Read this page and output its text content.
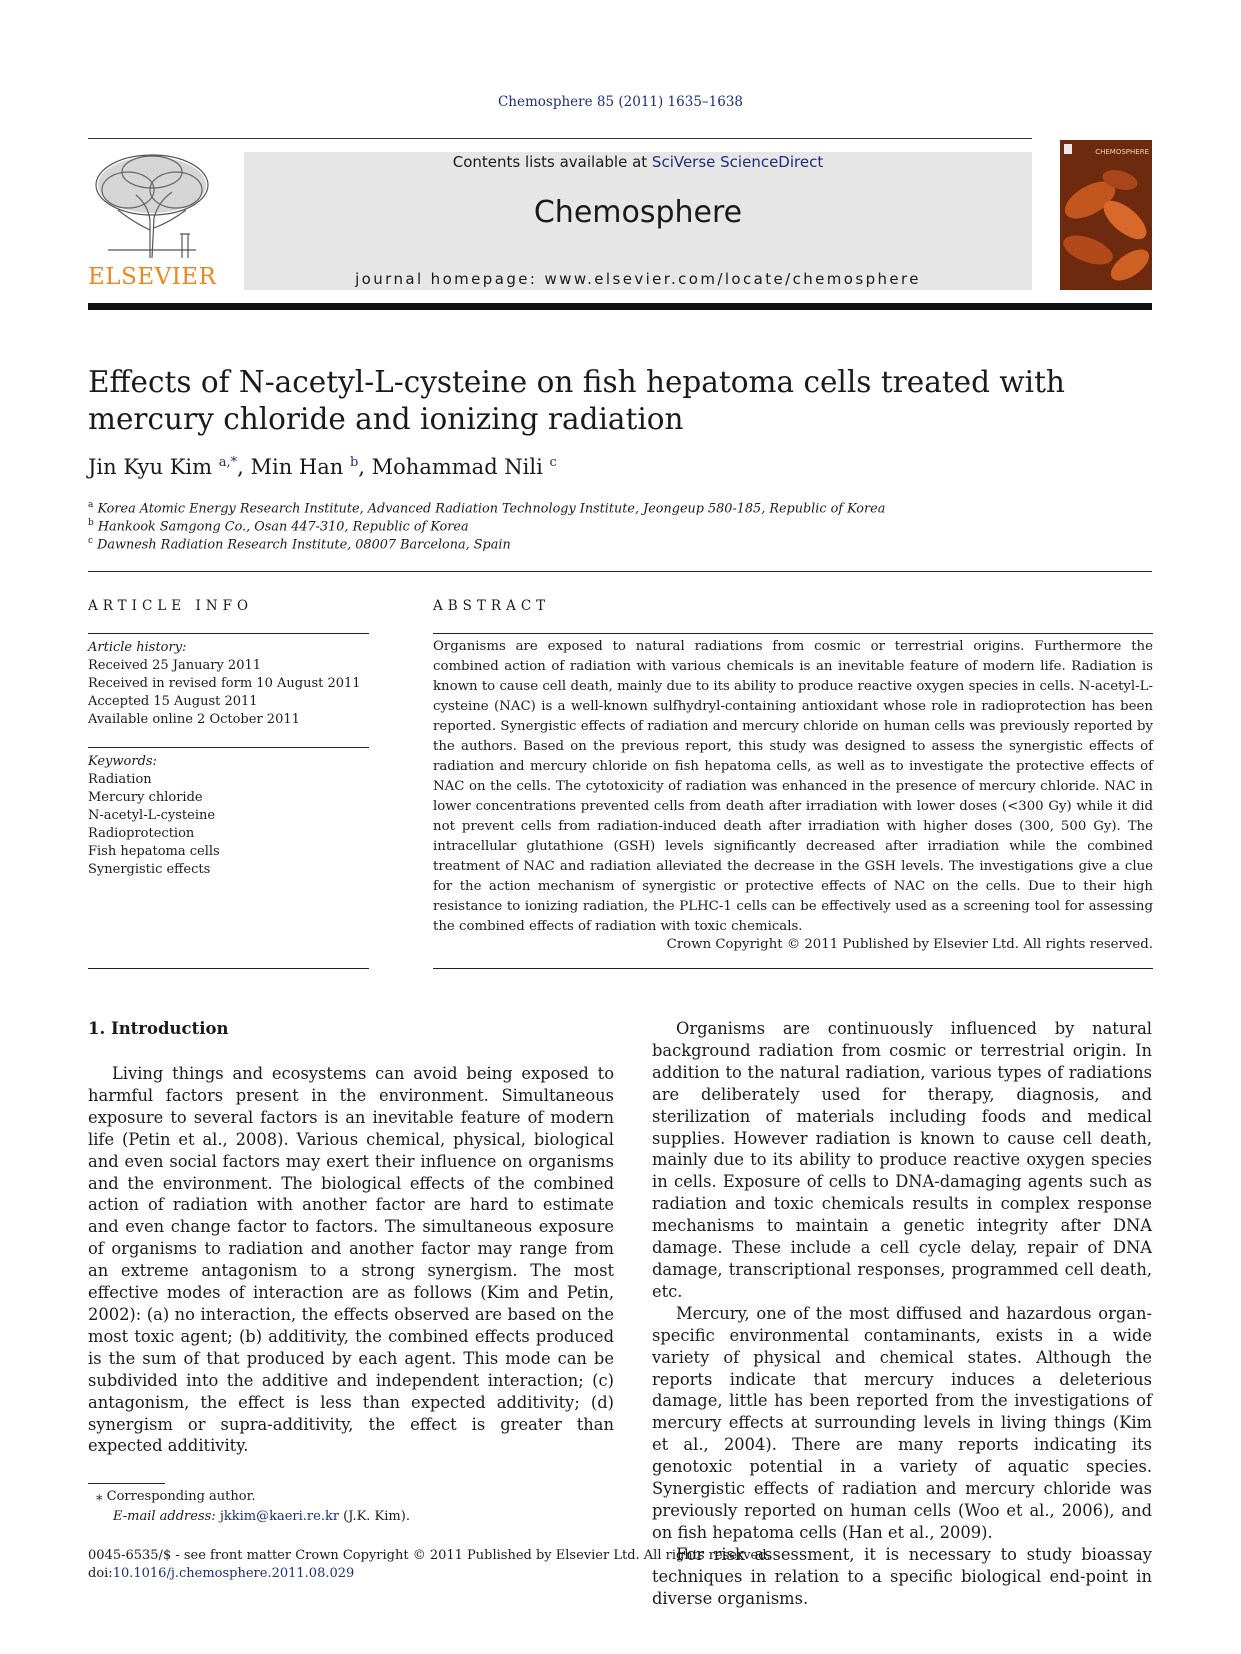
Chemosphere 85 (2011) 1635–1638
ELSEVIER
Contents lists available at SciVerse ScienceDirect
Chemosphere
journal homepage: www.elsevier.com/locate/chemosphere
CHEMOSPHERE
Effects of N-acetyl-L-cysteine on fish hepatoma cells treated with mercury chloride and ionizing radiation
Jin Kyu Kim $^{a,*}$, Min Han $^b$, Mohammad Nili $^c$
$^a$ Korea Atomic Energy Research Institute, Advanced Radiation Technology Institute, Jeongeup 580-185, Republic of Korea
$^b$ Hankook Samgong Co., Osan 447-310, Republic of Korea
$^c$ Dawnesh Radiation Research Institute, 08007 Barcelona, Spain
ARTICLE INFO
Article history:
Received 25 January 2011
Received in revised form 10 August 2011
Accepted 15 August 2011
Available online 2 October 2011
Keywords:
Radiation
Mercury chloride
N-acetyl-L-cysteine
Radioprotection
Fish hepatoma cells
Synergistic effects
ABSTRACT
Organisms are exposed to natural radiations from cosmic or terrestrial origins. Furthermore the combined action of radiation with various chemicals is an inevitable feature of modern life. Radiation is known to cause cell death, mainly due to its ability to produce reactive oxygen species in cells. N-acetyl-L-cysteine (NAC) is a well-known sulfhydryl-containing antioxidant whose role in radioprotection has been reported. Synergistic effects of radiation and mercury chloride on human cells was previously reported by the authors. Based on the previous report, this study was designed to assess the synergistic effects of radiation and mercury chloride on fish hepatoma cells, as well as to investigate the protective effects of NAC on the cells. The cytotoxicity of radiation was enhanced in the presence of mercury chloride. NAC in lower concentrations prevented cells from death after irradiation with lower doses (<300 Gy) while it did not prevent cells from radiation-induced death after irradiation with higher doses (300, 500 Gy). The intracellular glutathione (GSH) levels significantly decreased after irradiation while the combined treatment of NAC and radiation alleviated the decrease in the GSH levels. The investigations give a clue for the action mechanism of synergistic or protective effects of NAC on the cells. Due to their high resistance to ionizing radiation, the PLHC-1 cells can be effectively used as a screening tool for assessing the combined effects of radiation with toxic chemicals.
Crown Copyright © 2011 Published by Elsevier Ltd. All rights reserved.
1. Introduction

Living things and ecosystems can avoid being exposed to harmful factors present in the environment. Simultaneous exposure to several factors is an inevitable feature of modern life (Petin et al., 2008). Various chemical, physical, biological and even social factors may exert their influence on organisms and the environment. The biological effects of the combined action of radiation with another factor are hard to estimate and even change factor to factors. The simultaneous exposure of organisms to radiation and another factor may range from an extreme antagonism to a strong synergism. The most effective modes of interaction are as follows (Kim and Petin, 2002): (a) no interaction, the effects observed are based on the most toxic agent; (b) additivity, the combined effects produced is the sum of that produced by each agent. This mode can be subdivided into the additive and independent interaction; (c) antagonism, the effect is less than expected additivity; (d) synergism or supra-additivity, the effect is greater than expected additivity.

Organisms are continuously influenced by natural background radiation from cosmic or terrestrial origin. In addition to the natural radiation, various types of radiations are deliberately used for therapy, diagnosis, and sterilization of materials including foods and medical supplies. However radiation is known to cause cell death, mainly due to its ability to produce reactive oxygen species in cells. Exposure of cells to DNA-damaging agents such as radiation and toxic chemicals results in complex response mechanisms to maintain a genetic integrity after DNA damage. These include a cell cycle delay, repair of DNA damage, transcriptional responses, programmed cell death, etc.

Mercury, one of the most diffused and hazardous organ-specific environmental contaminants, exists in a wide variety of physical and chemical states. Although the reports indicate that mercury induces a deleterious damage, little has been reported from the investigations of mercury effects at surrounding levels in living things (Kim et al., 2004). There are many reports indicating its genotoxic potential in a variety of aquatic species. Synergistic effects of radiation and mercury chloride was previously reported on human cells (Woo et al., 2006), and on fish hepatoma cells (Han et al., 2009).

For risk assessment, it is necessary to study bioassay techniques in relation to a specific biological end-point in diverse organisms.

⁎ Corresponding author.
E-mail address: jkkim@kaeri.re.kr (J.K. Kim).
0045-6535/$ - see front matter Crown Copyright © 2011 Published by Elsevier Ltd. All rights reserved.
doi:10.1016/j.chemosphere.2011.08.029
